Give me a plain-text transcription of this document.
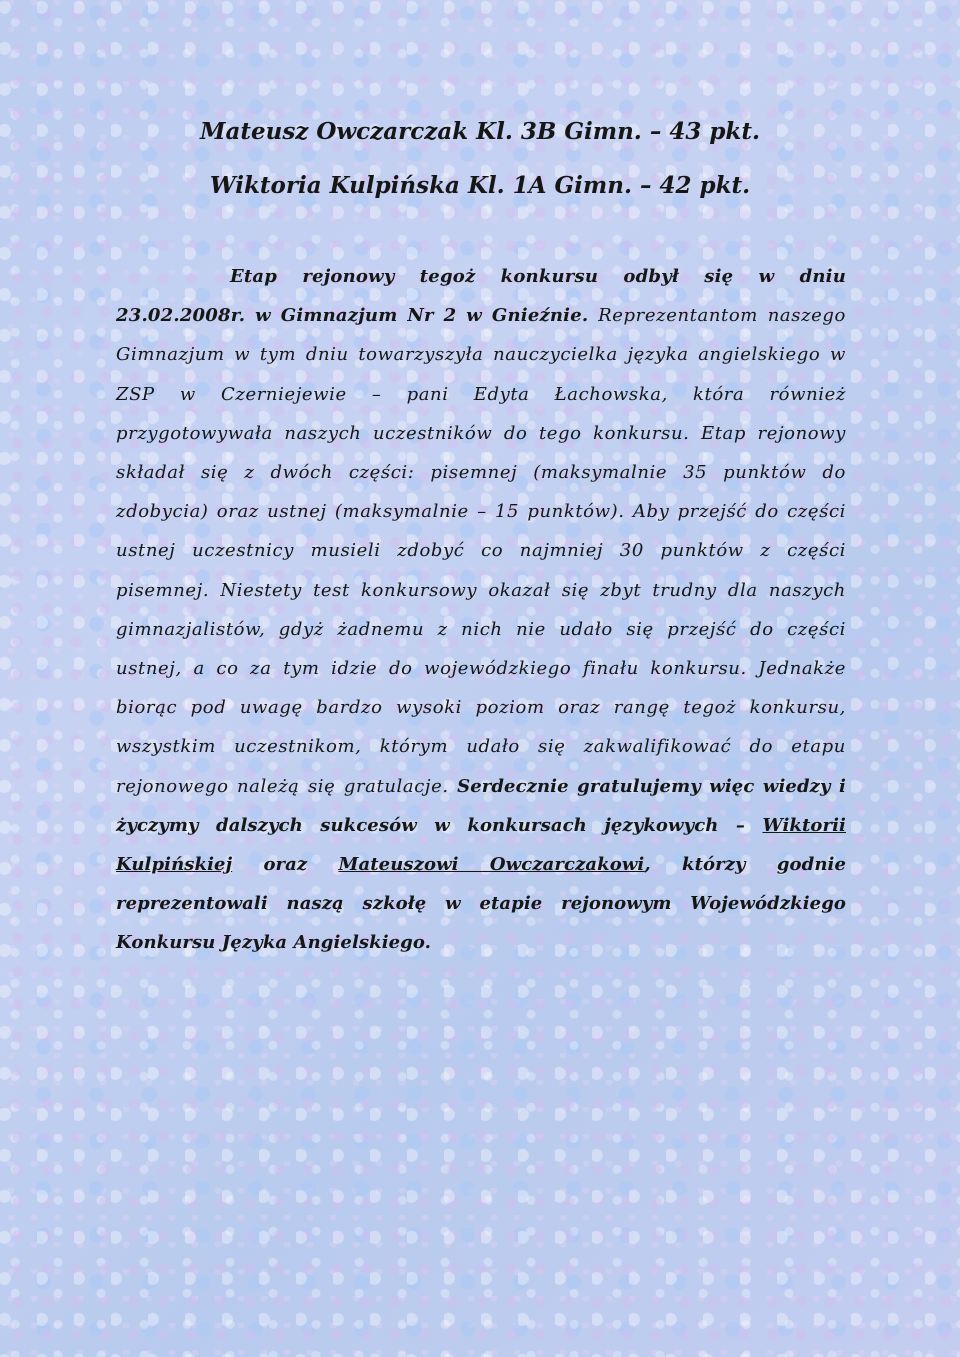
Mateusz Owczarczak Kl. 3B Gimn. – 43 pkt.
Wiktoria Kulpińska Kl. 1A Gimn. – 42 pkt.

Etap rejonowy tegoż konkursu odbył się w dniu 23.02.2008r. w Gimnazjum Nr 2 w Gnieźnie. Reprezentantom naszego Gimnazjum w tym dniu towarzyszyła nauczycielka języka angielskiego w ZSP w Czerniejewie – pani Edyta Łachowska, która również przygotowywała naszych uczestników do tego konkursu. Etap rejonowy składał się z dwóch części: pisemnej (maksymalnie 35 punktów do zdobycia) oraz ustnej (maksymalnie – 15 punktów). Aby przejść do części ustnej uczestnicy musieli zdobyć co najmniej 30 punktów z części pisemnej. Niestety test konkursowy okazał się zbyt trudny dla naszych gimnazjalistów, gdyż żadnemu z nich nie udało się przejść do części ustnej, a co za tym idzie do wojewódzkiego finału konkursu. Jednakże biorąc pod uwagę bardzo wysoki poziom oraz rangę tegoż konkursu, wszystkim uczestnikom, którym udało się zakwalifikować do etapu rejonowego należą się gratulacje. Serdecznie gratulujemy więc wiedzy i życzymy dalszych sukcesów w konkursach językowych – Wiktorii Kulpińskiej oraz Mateuszowi Owczarczakowi, którzy godnie reprezentowali naszą szkołę w etapie rejonowym Wojewódzkiego Konkursu Języka Angielskiego.
